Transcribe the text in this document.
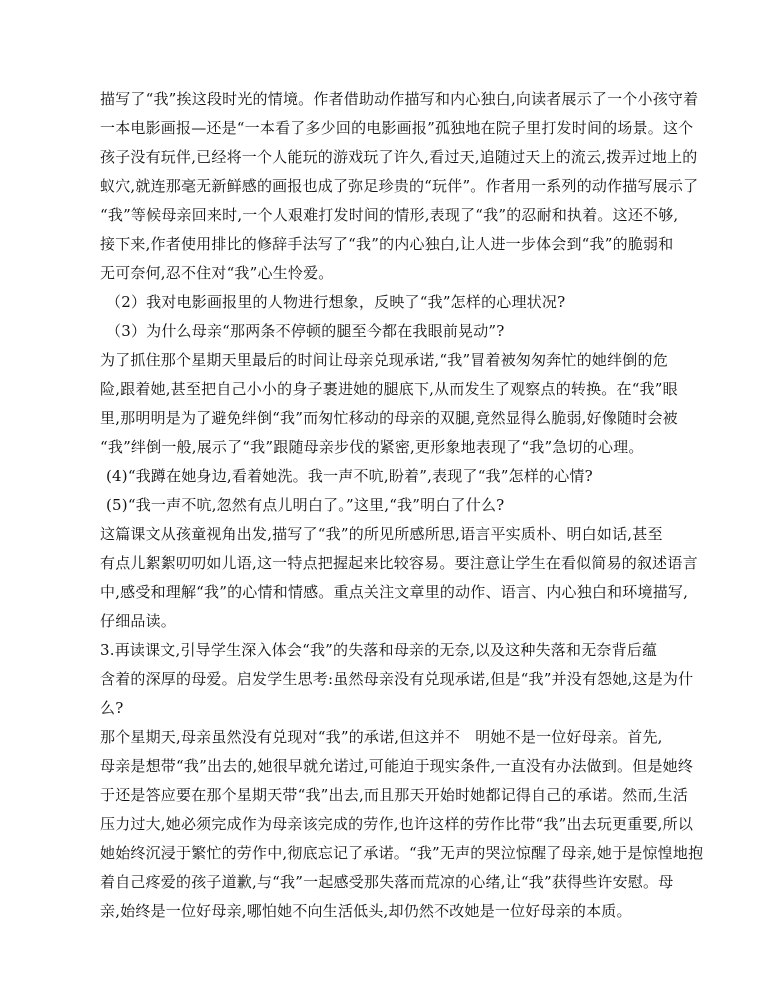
描写了“我”挨这段时光的情境。作者借助动作描写和内心独白,向读者展示了一个小孩守着
一本电影画报—还是“一本看了多少回的电影画报”孤独地在院子里打发时间的场景。这个
孩子没有玩伴,已经将一个人能玩的游戏玩了许久,看过天,追随过天上的流云,拨弄过地上的
蚁穴,就连那毫无新鲜感的画报也成了弥足珍贵的“玩伴”。作者用一系列的动作描写展示了
“我”等候母亲回来时,一个人艰难打发时间的情形,表现了“我”的忍耐和执着。这还不够,
接下来,作者使用排比的修辞手法写了“我”的内心独白,让人进一步体会到“我”的脆弱和
无可奈何,忍不住对“我”心生怜爱。
（2）我对电影画报里的人物进行想象，反映了“我”怎样的心理状况?
（3）为什么母亲“那两条不停顿的腿至今都在我眼前晃动”?
为了抓住那个星期天里最后的时间让母亲兑现承诺,“我”冒着被匆匆奔忙的她绊倒的危
险,跟着她,甚至把自己小小的身子裹进她的腿底下,从而发生了观察点的转换。在“我”眼
里,那明明是为了避免绊倒“我”而匆忙移动的母亲的双腿,竟然显得么脆弱,好像随时会被
“我”绊倒一般,展示了“我”跟随母亲步伐的紧密,更形象地表现了“我”急切的心理。
(4)“我蹲在她身边,看着她洗。我一声不吭,盼着”,表现了“我”怎样的心情?
(5)“我一声不吭,忽然有点儿明白了。”这里,“我”明白了什么?
这篇课文从孩童视角出发,描写了“我”的所见所感所思,语言平实质朴、明白如话,甚至
有点儿絮絮叨叨如儿语,这一特点把握起来比较容易。要注意让学生在看似简易的叙述语言
中,感受和理解“我”的心情和情感。重点关注文章里的动作、语言、内心独白和环境描写,
仔细品读。
3.再读课文,引导学生深入体会“我”的失落和母亲的无奈,以及这种失落和无奈背后蕴
含着的深厚的母爱。启发学生思考:虽然母亲没有兑现承诺,但是“我”并没有怨她,这是为什
么?
那个星期天,母亲虽然没有兑现对“我”的承诺,但这并不　明她不是一位好母亲。首先,
母亲是想带“我”出去的,她很早就允诺过,可能迫于现实条件,一直没有办法做到。但是她终
于还是答应要在那个星期天带“我”出去,而且那天开始时她都记得自己的承诺。然而,生活
压力过大,她必须完成作为母亲该完成的劳作,也许这样的劳作比带“我”出去玩更重要,所以
她始终沉浸于繁忙的劳作中,彻底忘记了承诺。“我”无声的哭泣惊醒了母亲,她于是惊惶地抱
着自己疼爱的孩子道歉,与“我”一起感受那失落而荒凉的心绪,让“我”获得些许安慰。母
亲,始终是一位好母亲,哪怕她不向生活低头,却仍然不改她是一位好母亲的本质。
